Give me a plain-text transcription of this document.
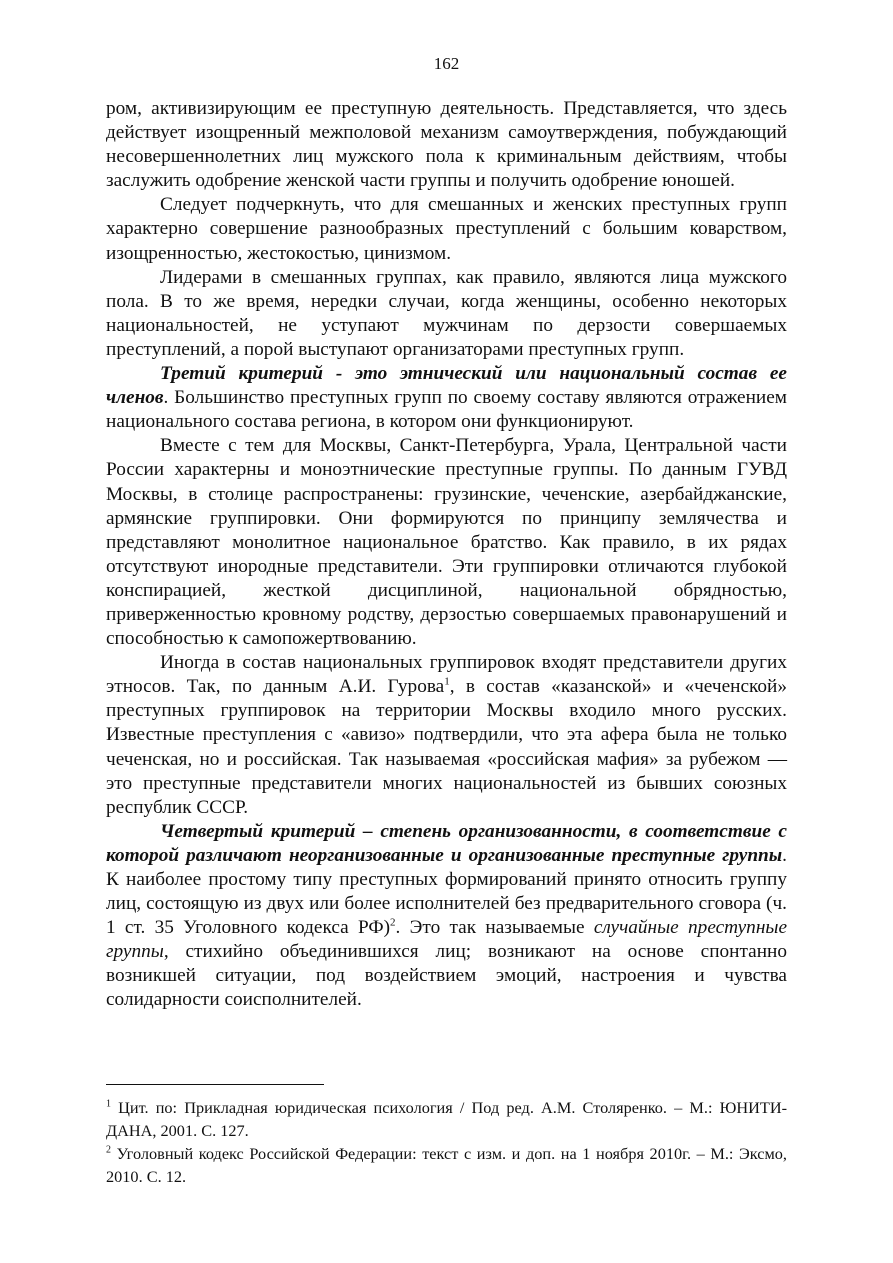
162

ром, активизирующим ее преступную деятельность. Представляется, что здесь действует изощренный межполовой механизм самоутверждения, побуждающий несовершеннолетних лиц мужского пола к криминальным действиям, чтобы заслужить одобрение женской части группы и получить одобрение юношей.

Следует подчеркнуть, что для смешанных и женских преступных групп характерно совершение разнообразных преступлений с большим коварством, изощренностью, жестокостью, цинизмом.

Лидерами в смешанных группах, как правило, являются лица мужского пола. В то же время, нередки случаи, когда женщины, особенно некоторых национальностей, не уступают мужчинам по дерзости совершаемых преступлений, а порой выступают организаторами преступных групп.

Третий критерий - это этнический или национальный состав ее членов. Большинство преступных групп по своему составу являются отражением национального состава региона, в котором они функционируют.

Вместе с тем для Москвы, Санкт-Петербурга, Урала, Центральной части России характерны и моноэтнические преступные группы. По данным ГУВД Москвы, в столице распространены: грузинские, чеченские, азербайджанские, армянские группировки. Они формируются по принципу землячества и представляют монолитное национальное братство. Как правило, в их рядах отсутствуют инородные представители. Эти группировки отличаются глубокой конспирацией, жесткой дисциплиной, национальной обрядностью, приверженностью кровному родству, дерзостью совершаемых правонарушений и способностью к самопожертвованию.

Иногда в состав национальных группировок входят представители других этносов. Так, по данным А.И. Гурова$^1$, в состав «казанской» и «чеченской» преступных группировок на территории Москвы входило много русских. Известные преступления с «авизо» подтвердили, что эта афера была не только чеченская, но и российская. Так называемая «российская мафия» за рубежом — это преступные представители многих национальностей из бывших союзных республик СССР.

Четвертый критерий – степень организованности, в соответствие с которой различают неорганизованные и организованные преступные группы. К наиболее простому типу преступных формирований принято относить группу лиц, состоящую из двух или более исполнителей без предварительного сговора (ч. 1 ст. 35 Уголовного кодекса РФ)$^2$. Это так называемые случайные преступные группы, стихийно объединившихся лиц; возникают на основе спонтанно возникшей ситуации, под воздействием эмоций, настроения и чувства солидарности соисполнителей.

$^1$ Цит. по: Прикладная юридическая психология / Под ред. А.М. Столяренко. – М.: ЮНИТИ-ДАНА, 2001. С. 127.

$^2$ Уголовный кодекс Российской Федерации: текст с изм. и доп. на 1 ноября 2010г. – М.: Эксмо, 2010. С. 12.
